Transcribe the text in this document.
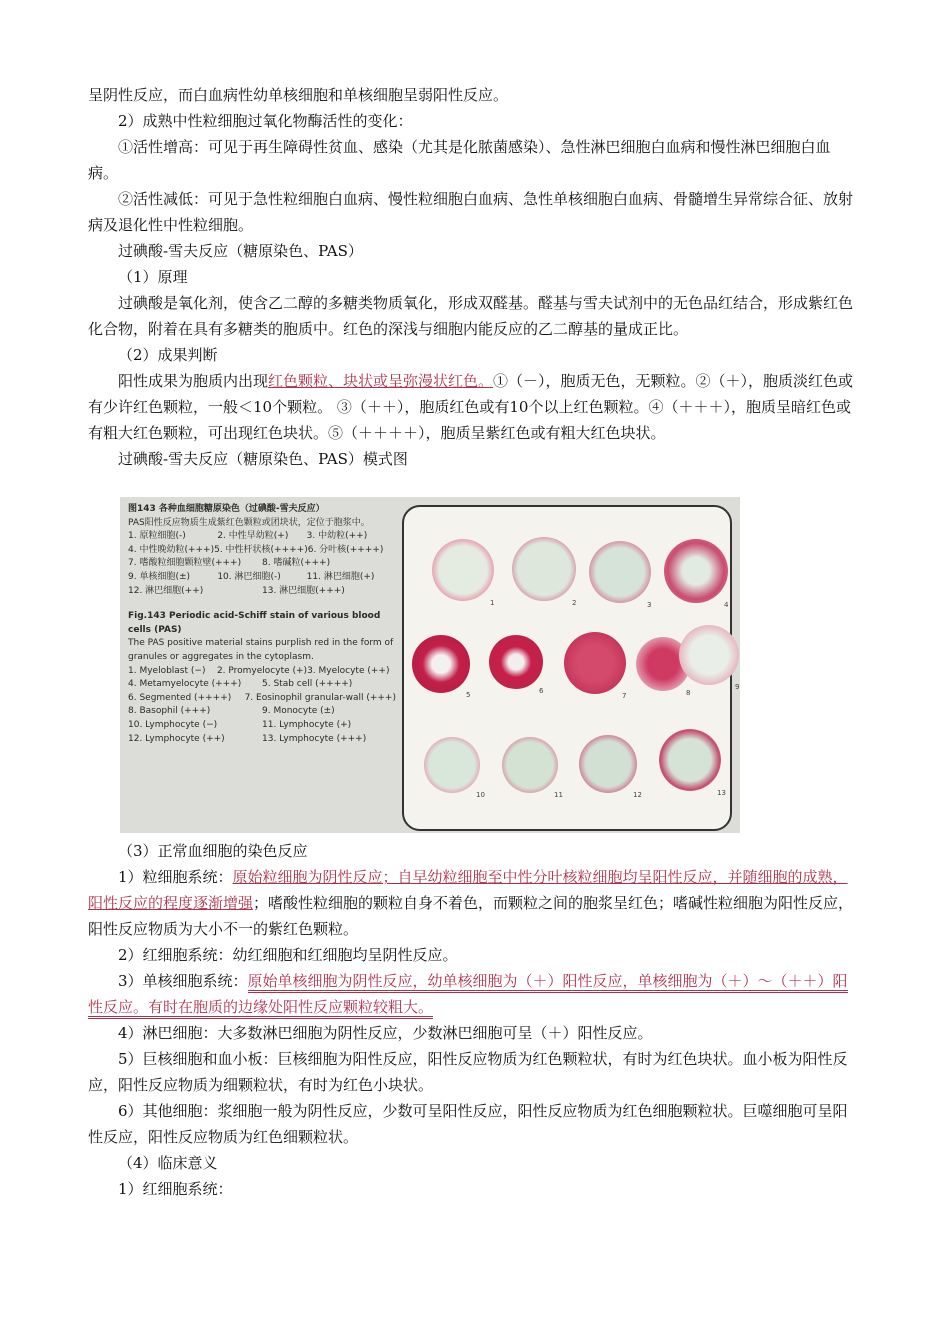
呈阴性反应，而白血病性幼单核细胞和单核细胞呈弱阳性反应。

2）成熟中性粒细胞过氧化物酶活性的变化：

①活性增高：可见于再生障碍性贫血、感染（尤其是化脓菌感染）、急性淋巴细胞白血病和慢性淋巴细胞白血病。

②活性减低：可见于急性粒细胞白血病、慢性粒细胞白血病、急性单核细胞白血病、骨髓增生异常综合征、放射病及退化性中性粒细胞。

过碘酸-雪夫反应（糖原染色、PAS）

（1）原理

过碘酸是氧化剂，使含乙二醇的多糖类物质氧化，形成双醛基。醛基与雪夫试剂中的无色品红结合，形成紫红色化合物，附着在具有多糖类的胞质中。红色的深浅与细胞内能反应的乙二醇基的量成正比。

（2）成果判断

阳性成果为胞质内出现红色颗粒、块状或呈弥漫状红色。①（－），胞质无色，无颗粒。②（＋），胞质淡红色或有少许红色颗粒，一般＜10个颗粒。 ③（＋＋），胞质红色或有10个以上红色颗粒。④（＋＋＋），胞质呈暗红色或有粗大红色颗粒，可出现红色块状。⑤（＋＋＋＋），胞质呈紫红色或有粗大红色块状。

过碘酸-雪夫反应（糖原染色、PAS）模式图

图143 各种血细胞糖原染色（过碘酸-雪夫反应）
PAS阳性反应物质生成紫红色颗粒或团块状，定位于胞浆中。
1. 原粒细胞(-)	2. 中性早幼粒(+)	3. 中幼粒(++)
4. 中性晚幼粒(+++)5. 中性杆状核(++++) 6. 分叶核(++++)
7. 嗜酸粒细胞颗粒壁(+++)	8. 嗜碱粒(+++)
9. 单核细胞(±)	10. 淋巴细胞(-)	11. 淋巴细胞(+)
12. 淋巴细胞(++)	13. 淋巴细胞(+++)
Fig.143 Periodic acid-Schiff stain of various blood cells (PAS)
The PAS positive material stains purplish red in the form of granules or aggregates in the cytoplasm.
1. Myeloblast (−)	2. Promyelocyte (+) 3. Myelocyte (++)
4. Metamyelocyte (+++)	5. Stab cell (++++)
6. Segmented (++++)	7. Eosinophil granular-wall (+++)
8. Basophil (+++)	9. Monocyte (±)
10. Lymphocyte (−)	11. Lymphocyte (+)
12. Lymphocyte (++)	13. Lymphocyte (+++)
1	2	3	4
5	6
7	8
9
10	11	12	13

（3）正常血细胞的染色反应

1）粒细胞系统：原始粒细胞为阴性反应；自早幼粒细胞至中性分叶核粒细胞均呈阳性反应，并随细胞的成熟，阳性反应的程度逐渐增强；嗜酸性粒细胞的颗粒自身不着色，而颗粒之间的胞浆呈红色；嗜碱性粒细胞为阳性反应，阳性反应物质为大小不一的紫红色颗粒。

2）红细胞系统：幼红细胞和红细胞均呈阴性反应。

3）单核细胞系统：原始单核细胞为阴性反应，幼单核细胞为（＋）阳性反应，单核细胞为（＋）～（＋＋）阳性反应。有时在胞质的边缘处阳性反应颗粒较粗大。

4）淋巴细胞：大多数淋巴细胞为阴性反应，少数淋巴细胞可呈（＋）阳性反应。

5）巨核细胞和血小板：巨核细胞为阳性反应，阳性反应物质为红色颗粒状，有时为红色块状。血小板为阳性反应，阳性反应物质为细颗粒状，有时为红色小块状。

6）其他细胞：浆细胞一般为阴性反应，少数可呈阳性反应，阳性反应物质为红色细胞颗粒状。巨噬细胞可呈阳性反应，阳性反应物质为红色细颗粒状。

（4）临床意义

1）红细胞系统：
